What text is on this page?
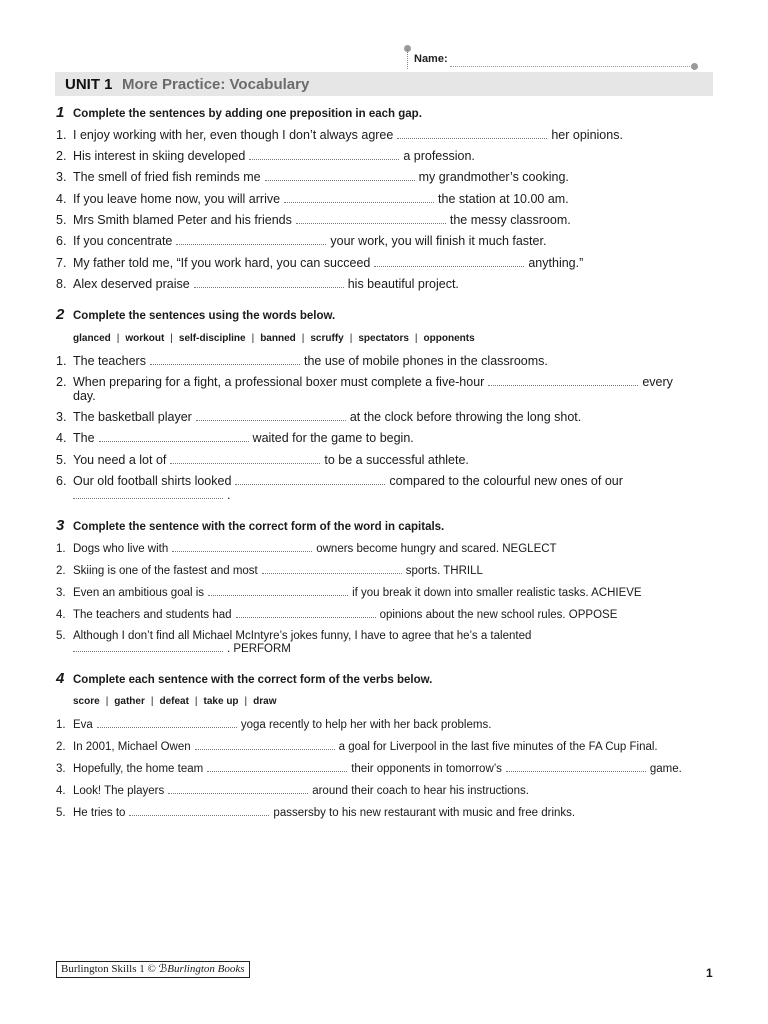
Name:
UNIT 1 More Practice: Vocabulary
1 Complete the sentences by adding one preposition in each gap.
1. I enjoy working with her, even though I don’t always agree	her opinions.
2. His interest in skiing developed	a profession.
3. The smell of fried fish reminds me	my grandmother’s cooking.
4. If you leave home now, you will arrive	the station at 10.00 am.
5. Mrs Smith blamed Peter and his friends	the messy classroom.
6. If you concentrate	your work, you will finish it much faster.
7. My father told me, “If you work hard, you can succeed	anything.”
8. Alex deserved praise	his beautiful project.
2 Complete the sentences using the words below.
glanced | workout | self-discipline | banned | scruffy | spectators | opponents
1. The teachers	the use of mobile phones in the classrooms.
2. When preparing for a fight, a professional boxer must complete a five-hour	every
day.
3. The basketball player	at the clock before throwing the long shot.
4. The	waited for the game to begin.
5. You need a lot of	to be a successful athlete.
6. Our old football shirts looked	compared to the colourful new ones of our
.
3 Complete the sentence with the correct form of the word in capitals.
1. Dogs who live with	owners become hungry and scared. NEGLECT
2. Skiing is one of the fastest and most	sports. THRILL
3. Even an ambitious goal is	if you break it down into smaller realistic tasks. ACHIEVE
4. The teachers and students had	opinions about the new school rules. OPPOSE
5. Although I don’t find all Michael McIntyre’s jokes funny, I have to agree that he’s a talented
. PERFORM
4 Complete each sentence with the correct form of the verbs below.
score | gather | defeat | take up | draw
1. Eva	yoga recently to help her with her back problems.
2. In 2001, Michael Owen	a goal for Liverpool in the last five minutes of the FA Cup Final.
3. Hopefully, the home team	their opponents in tomorrow’s	game.
4. Look! The players	around their coach to hear his instructions.
5. He tries to	passersby to his new restaurant with music and free drinks.
Burlington Skills 1 © ℬBurlington Books	1
